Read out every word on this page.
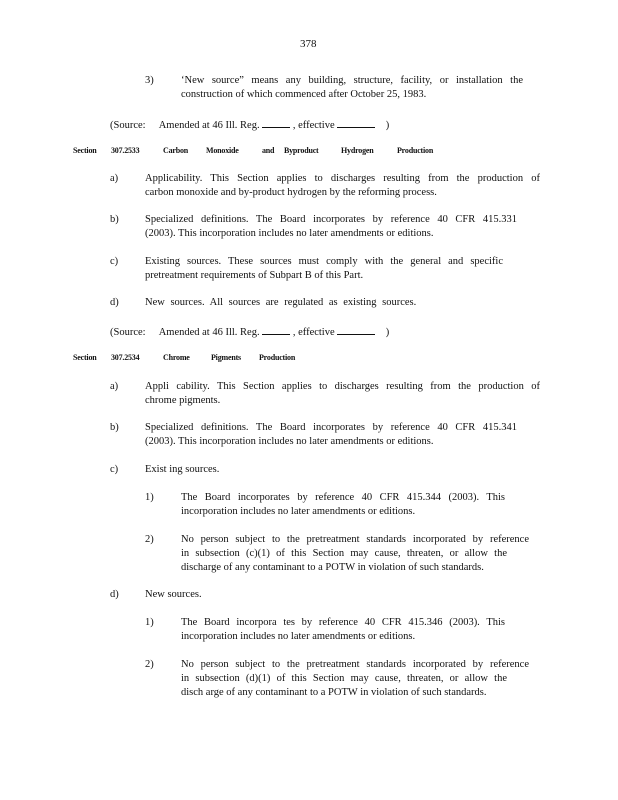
378
3)	‘New source” means any building, structure, facility, or installation the
construction of which commenced after October 25, 1983.
(Source: Amended at 46 Ill. Reg.	, effective	)
Section 307.2533	Carbon Monoxide	and Byproduct	Hydrogen	Production
a)	Applicability. This Section applies to discharges resulting from the production of
carbon monoxide and by-product hydrogen by the reforming process.
b)	Specialized definitions. The Board incorporates by reference 40 CFR 415.331
(2003). This incorporation includes no later amendments or editions.
c)	Existing sources. These sources must comply with the general and specific
pretreatment requirements of Subpart B of this Part.
d)	New sources. All sources are regulated as existing sources.
(Source: Amended at 46 Ill. Reg.	, effective	)
Section 307.2534	Chrome	Pigments Production
a)	Appli cability. This Section applies to discharges resulting from the production of
chrome pigments.
b)	Specialized definitions. The Board incorporates by reference 40 CFR 415.341
(2003). This incorporation includes no later amendments or editions.
c)	Exist ing sources.
1)	The Board incorporates by reference 40 CFR 415.344 (2003). This
incorporation includes no later amendments or editions.
2)	No person subject to the pretreatment standards incorporated by reference
in subsection (c)(1) of this Section may cause, threaten, or allow the
discharge of any contaminant to a POTW in violation of such standards.
d)	New sources.
1)	The Board incorpora tes by reference 40 CFR 415.346 (2003). This
incorporation includes no later amendments or editions.
2)	No person subject to the pretreatment standards incorporated by reference
in subsection (d)(1) of this Section may cause, threaten, or allow the
disch arge of any contaminant to a POTW in violation of such standards.
